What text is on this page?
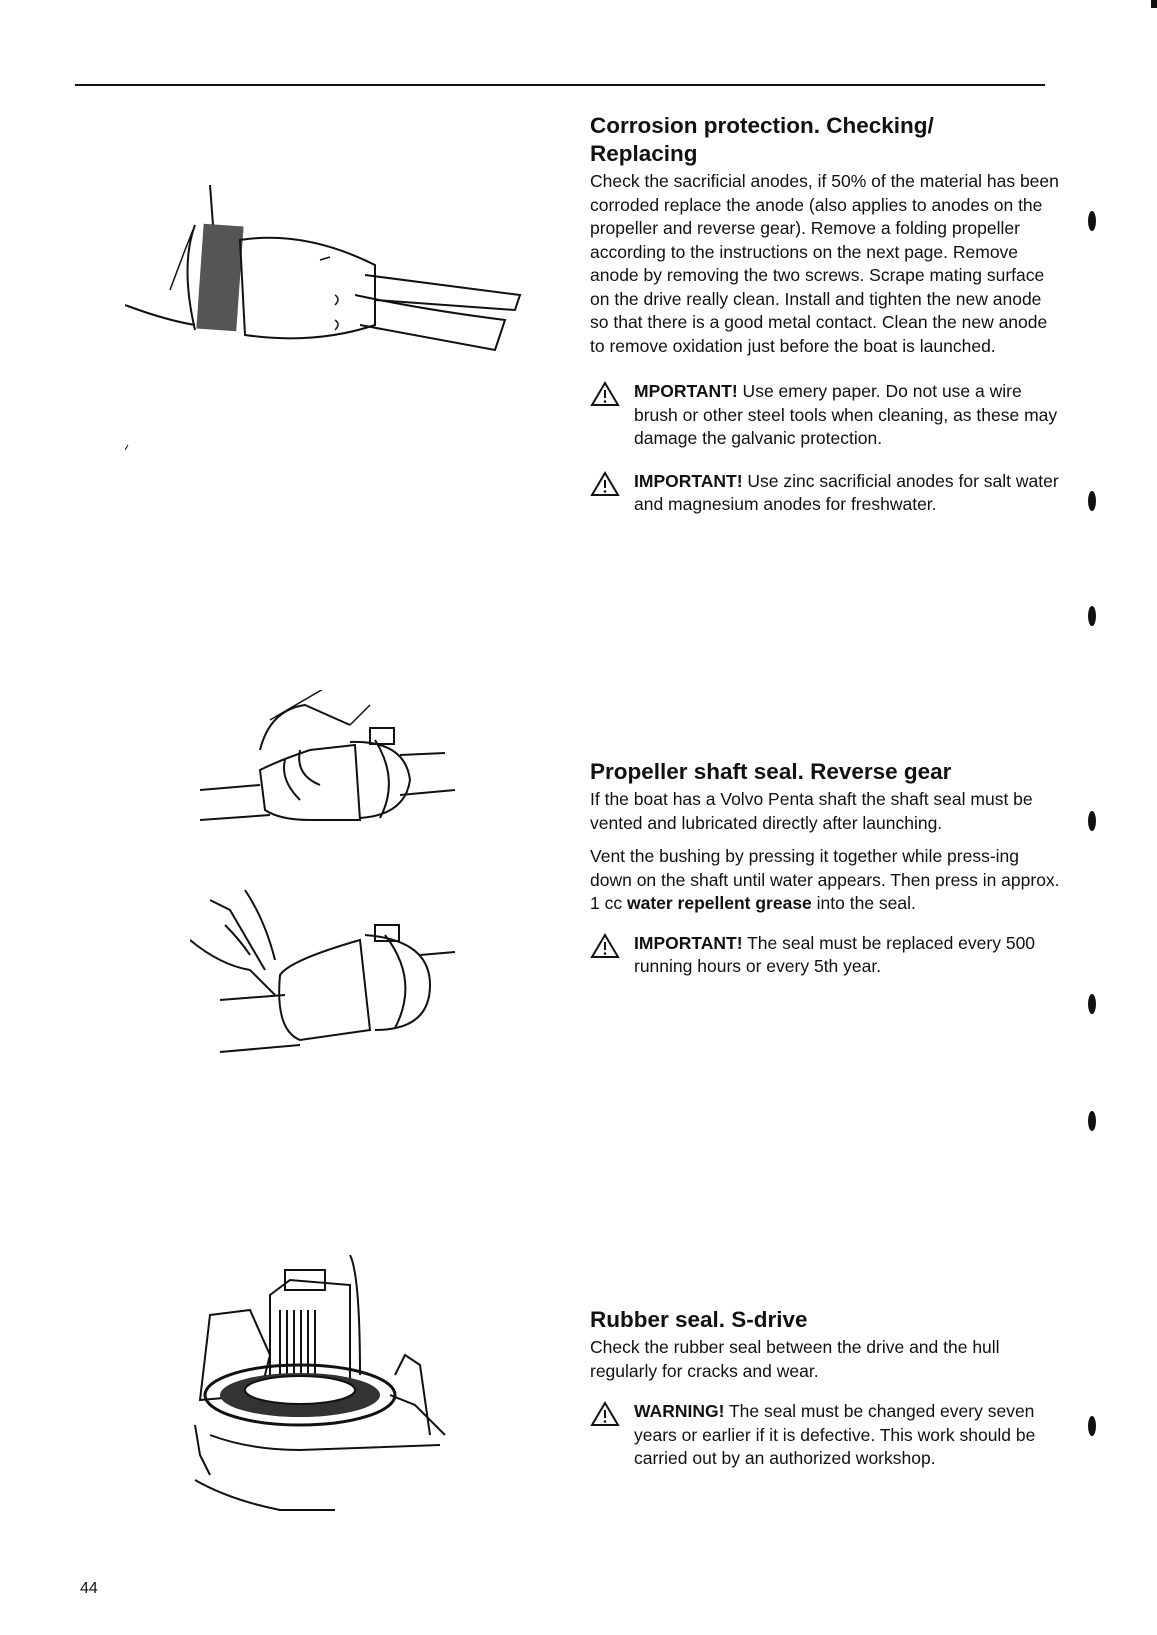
Corrosion protection. Checking/
Replacing

Check the sacrificial anodes, if 50% of the material has been corroded replace the anode (also applies to anodes on the propeller and reverse gear). Remove a folding propeller according to the instructions on the next page. Remove anode by removing the two screws. Scrape mating surface on the drive really clean. Install and tighten the new anode so that there is a good metal contact. Clean the new anode to remove oxidation just before the boat is launched.

MPORTANT! Use emery paper. Do not use a wire brush or other steel tools when cleaning, as these may damage the galvanic protection.
IMPORTANT! Use zinc sacrificial anodes for salt water and magnesium anodes for freshwater.
Propeller shaft seal. Reverse gear

If the boat has a Volvo Penta shaft the shaft seal must be vented and lubricated directly after launching.

Vent the bushing by pressing it together while press-ing down on the shaft until water appears. Then press in approx. 1 cc water repellent grease into the seal.

IMPORTANT! The seal must be replaced every 500 running hours or every 5th year.
Rubber seal. S-drive

Check the rubber seal between the drive and the hull regularly for cracks and wear.

WARNING! The seal must be changed every seven years or earlier if it is defective. This work should be carried out by an authorized workshop.
44
